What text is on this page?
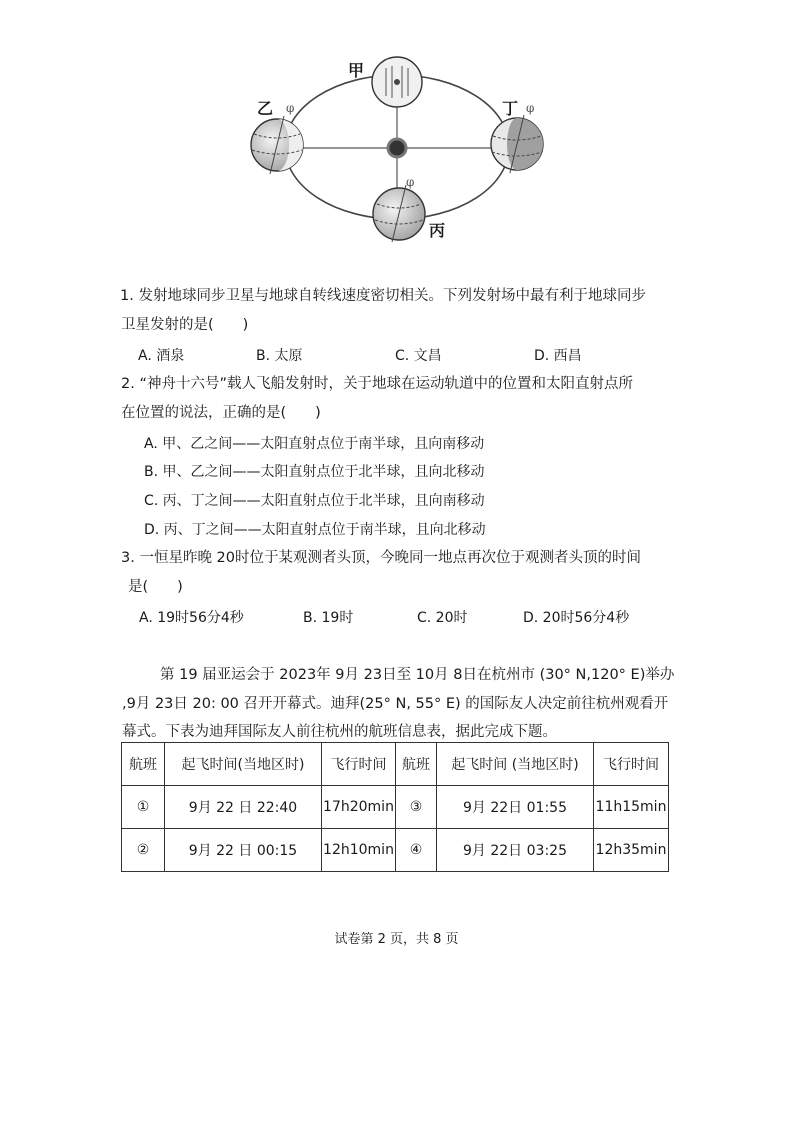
φ	φ
φ
甲
乙	丁
丙
1. 发射地球同步卫星与地球自转线速度密切相关。下列发射场中最有利于地球同步
卫星发射的是(　　)
A. 酒泉	B. 太原	C. 文昌	D. 西昌
2. “神舟十六号”载人飞船发射时，关于地球在运动轨道中的位置和太阳直射点所
在位置的说法，正确的是(　　)
A. 甲、乙之间——太阳直射点位于南半球，且向南移动
B. 甲、乙之间——太阳直射点位于北半球，且向北移动
C. 丙、丁之间——太阳直射点位于北半球，且向南移动
D. 丙、丁之间——太阳直射点位于南半球，且向北移动
3. 一恒星昨晚 20时位于某观测者头顶，今晚同一地点再次位于观测者头顶的时间
是(　　)
A. 19时56分4秒	B. 19时	C. 20时	D. 20时56分4秒
第 19 届亚运会于 2023年 9月 23日至 10月 8日在杭州市 (30° N,120° E)举办
,9月 23日 20: 00 召开开幕式。迪拜(25° N, 55° E) 的国际友人决定前往杭州观看开
幕式。下表为迪拜国际友人前往杭州的航班信息表，据此完成下题。
航班	起飞时间(当地区时)	飞行时间	航班	起飞时间 (当地区时)	飞行时间
①	9月 22 日 22:40	17h20min	③	9月 22日 01:55	11h15min
②	9月 22 日 00:15	12h10min	④	9月 22日 03:25	12h35min
试卷第 2 页，共 8 页
